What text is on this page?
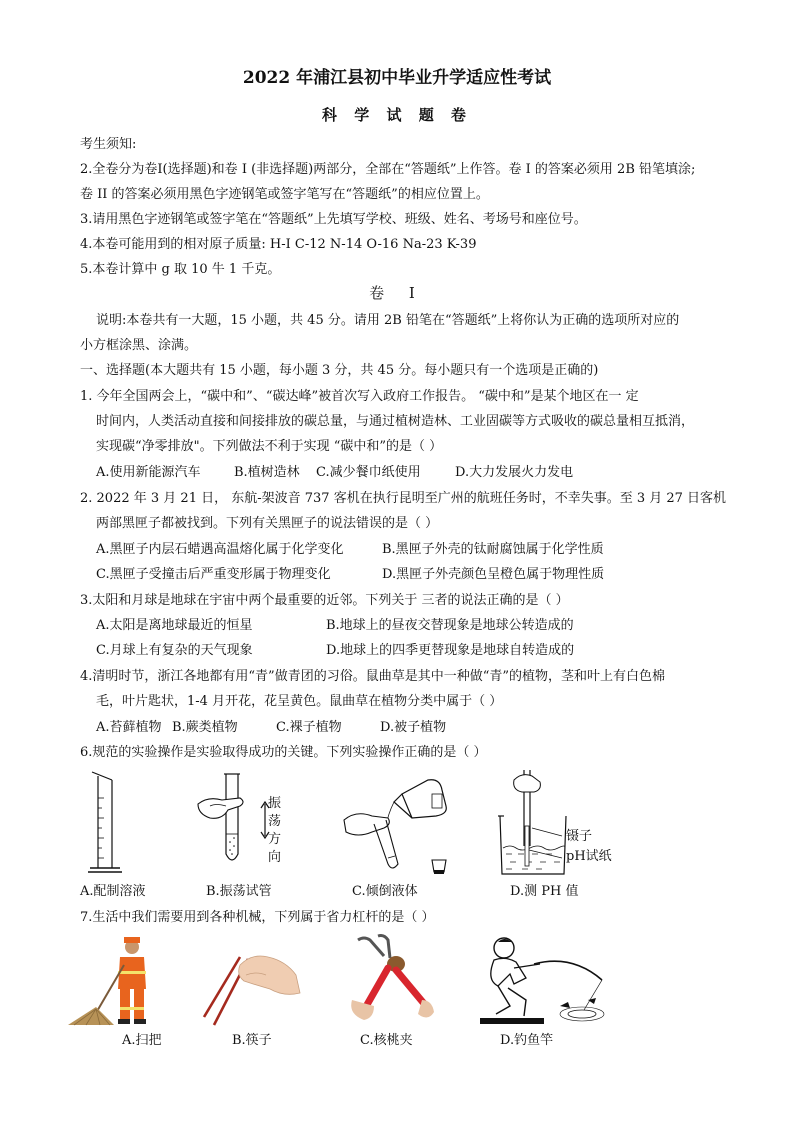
2022 年浦江县初中毕业升学适应性考试
科 学 试 题 卷
考生须知:
2.全卷分为卷I(选择题)和卷 I (非选择题)两部分，全部在“答题纸”上作答。卷 I 的答案必须用 2B 铅笔填涂;
卷 II 的答案必须用黑色字迹钢笔或签字笔写在“答题纸”的相应位置上。
3.请用黑色字迹钢笔或签字笔在“答题纸”上先填写学校、班级、姓名、考场号和座位号。
4.本卷可能用到的相对原子质量: H-I C-12 N-14 O-16 Na-23 K-39
5.本卷计算中 g 取 10 牛 1 千克。
卷 I
说明:本卷共有一大题，15 小题，共 45 分。请用 2B 铅笔在“答题纸”上将你认为正确的选项所对应的
小方框涂黑、涂满。
一、选择题(本大题共有 15 小题，每小题 3 分，共 45 分。每小题只有一个选项是正确的)
1. 今年全国两会上，“碳中和”、“碳达峰”被首次写入政府工作报告。 “碳中和”是某个地区在一 定
时间内，人类活动直接和间接排放的碳总量，与通过植树造林、工业固碳等方式吸收的碳总量相互抵消，
实现碳“净零排放"。下列做法不利于实现 “碳中和”的是（ ）
A.使用新能源汽车	B.植树造林 C.减少餐巾纸使用	D.大力发展火力发电
2. 2022 年 3 月 21 日， 东航-架波音 737 客机在执行昆明至广州的航班任务时，不幸失事。至 3 月 27 日客机
两部黑匣子都被找到。下列有关黑匣子的说法错误的是（ ）
A.黑匣子内层石蜡遇高温熔化属于化学变化	B.黑匣子外壳的钛耐腐蚀属于化学性质
C.黑匣子受撞击后严重变形属于物理变化	D.黑匣子外壳颜色呈橙色属于物理性质
3.太阳和月球是地球在宇宙中两个最重要的近邻。下列关于 三者的说法正确的是（ ）
A.太阳是离地球最近的恒星	B.地球上的昼夜交替现象是地球公转造成的
C.月球上有复杂的天气现象	D.地球上的四季更替现象是地球自转造成的
4.清明时节，浙江各地都有用“青”做青团的习俗。鼠曲草是其中一种做“青”的植物，茎和叶上有白色棉
毛，叶片匙状，1-4 月开花，花呈黄色。鼠曲草在植物分类中属于（ ）
A.苔藓植物 B.蕨类植物	C.裸子植物	D.被子植物
6.规范的实验操作是实验取得成功的关键。下列实验操作正确的是（ ）
振
荡
方
向
镊子
pH试纸
A.配制溶液	B.振荡试管	C.倾倒液体	D.测 PH 值
7.生活中我们需要用到各种机械，下列属于省力杠杆的是（ ）
A.扫把	B.筷子	C.核桃夹	D.钓鱼竿
